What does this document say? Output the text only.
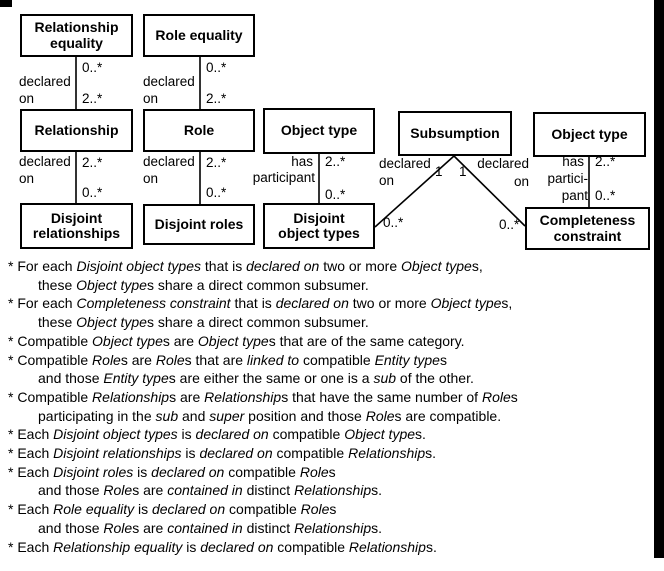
Relationship
equality	Role equality
Relationship	Role	Object type	Subsumption	Object type
Disjoint
relationships
Disjoint roles	Disjoint
object types
Completeness
constraint
0..*
declared
on	2..*
0..*
declared
on	2..*
declared 2..*
on
0..*
declared 2..*
on
0..*
has 2..*
participant
0..*
declared
on
1 1
0..*
declared
on
0..*
has 2..*
partici-
pant 0..*
* For each Disjoint object types that is declared on two or more Object types,
these Object types share a direct common subsumer.
* For each Completeness constraint that is declared on two or more Object types,
these Object types share a direct common subsumer.
* Compatible Object types are Object types that are of the same category.
* Compatible Roles are Roles that are linked to compatible Entity types
and those Entity types are either the same or one is a sub of the other.
* Compatible Relationships are Relationships that have the same number of Roles
participating in the sub and super position and those Roles are compatible.
* Each Disjoint object types is declared on compatible Object types.
* Each Disjoint relationships is declared on compatible Relationships.
* Each Disjoint roles is declared on compatible Roles
and those Roles are contained in distinct Relationships.
* Each Role equality is declared on compatible Roles
and those Roles are contained in distinct Relationships.
* Each Relationship equality is declared on compatible Relationships.
